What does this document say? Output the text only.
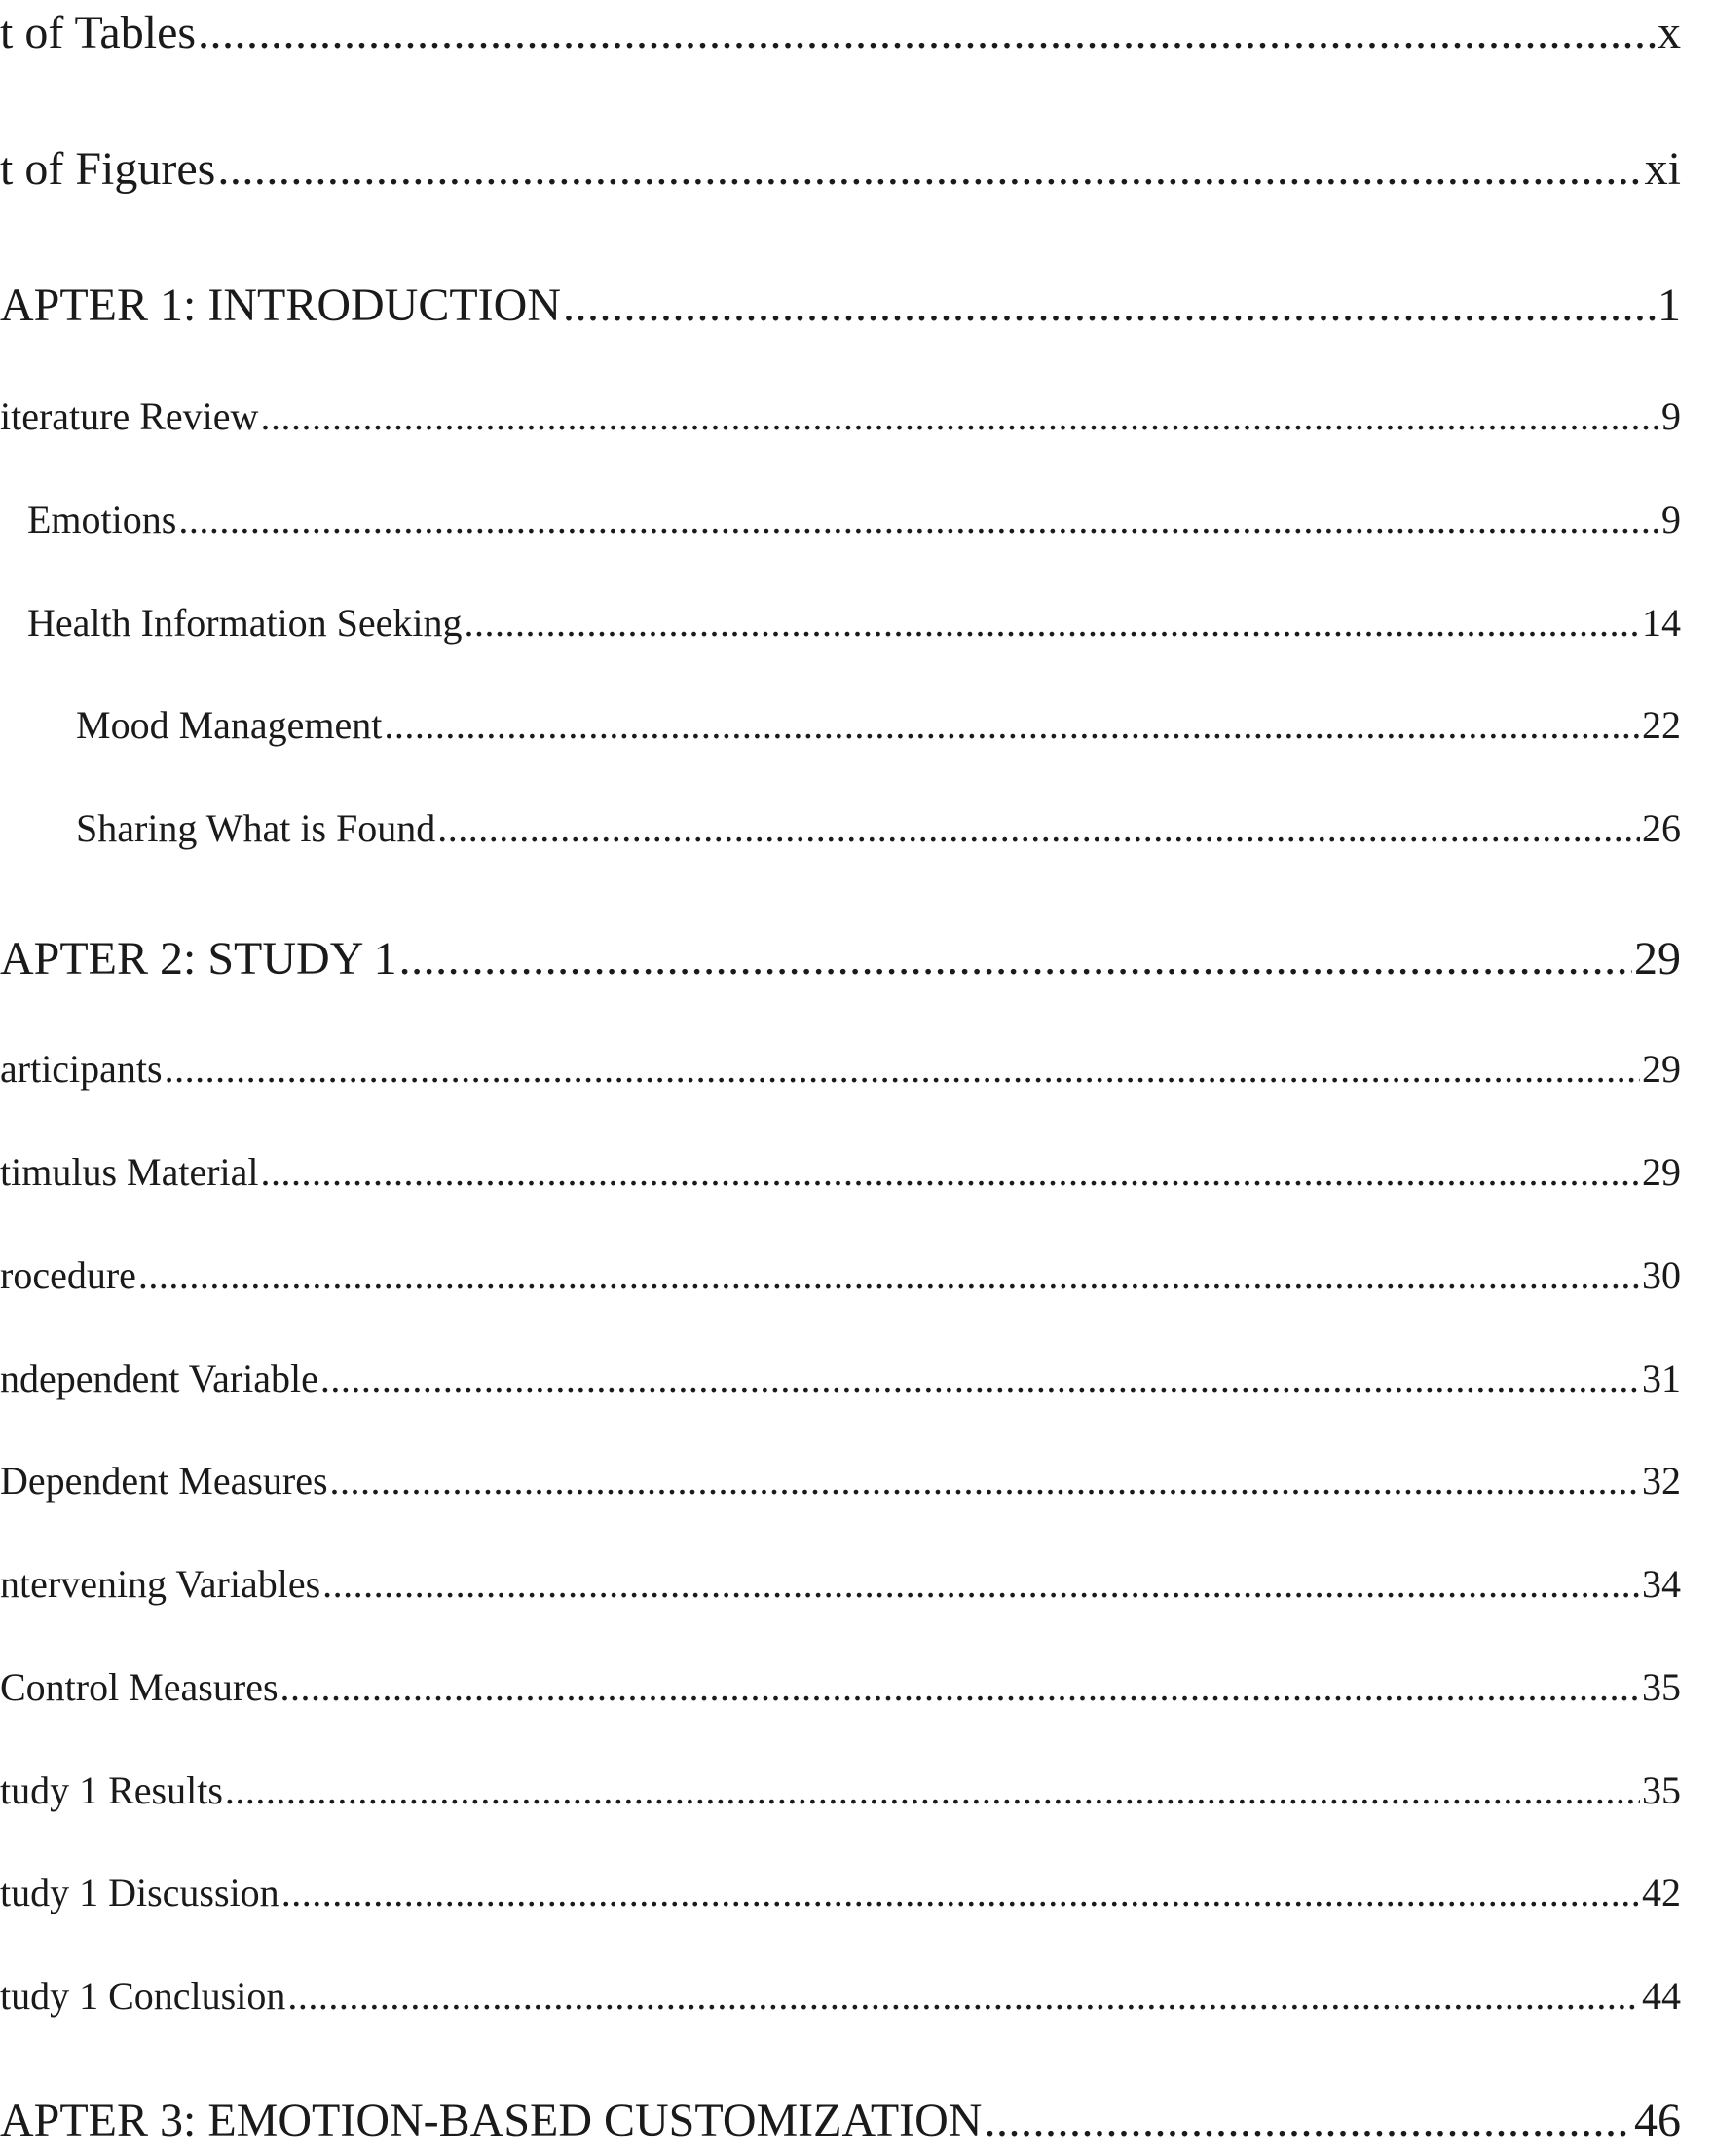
t of Tables .....	x
t of Figures .....	xi
APTER 1: INTRODUCTION .....	1
iterature Review .....	9
Emotions .....	9
Health Information Seeking .....	14
Mood Management .....	22
Sharing What is Found .....	26
APTER 2: STUDY 1 .....	29
articipants .....	29
timulus Material .....	29
rocedure .....	30
ndependent Variable .....	31
Dependent Measures .....	32
ntervening Variables .....	34
Control Measures .....	35
tudy 1 Results .....	35
tudy 1 Discussion .....	42
tudy 1 Conclusion .....	44
APTER 3: EMOTION-BASED CUSTOMIZATION .....	46
